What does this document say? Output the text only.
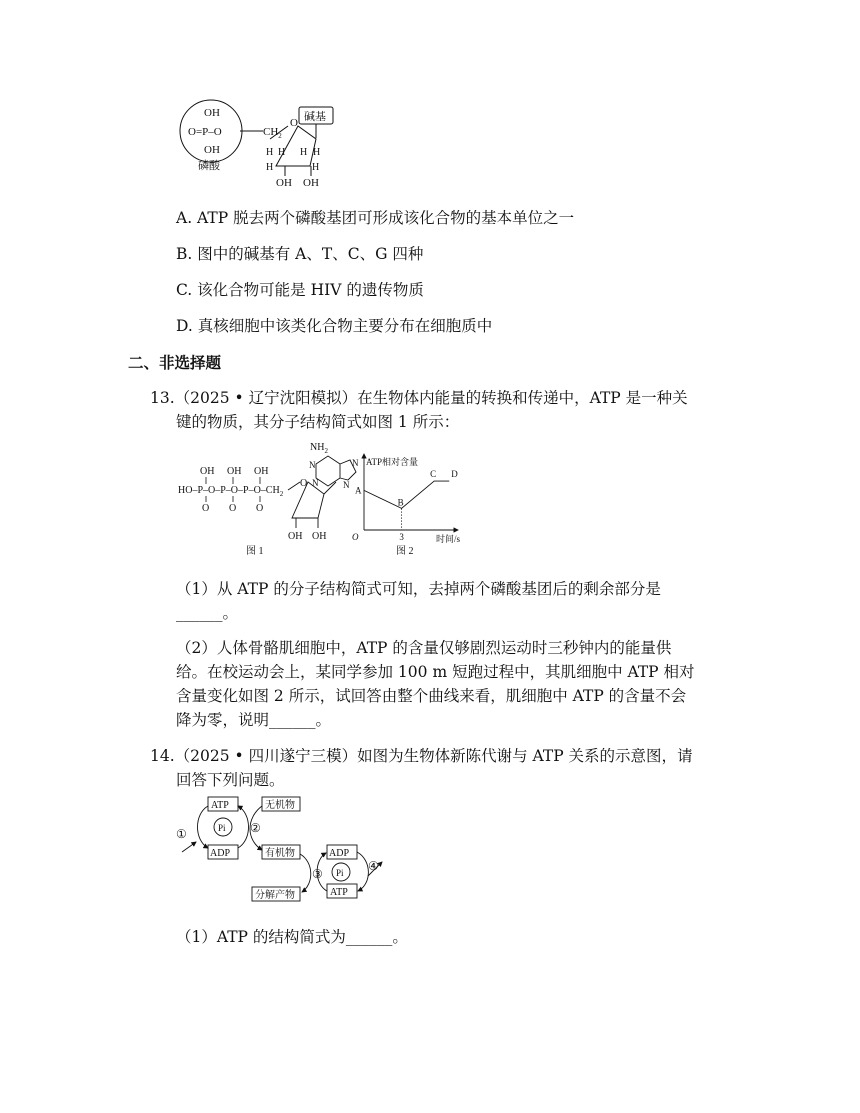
OH
O=P–O
OH
磷酸
$CH_2$
O 碱基
H H H H
H	H
OH OH
A. ATP 脱去两个磷酸基团可形成该化合物的基本单位之一
B. 图中的碱基有 A、T、C、G 四种
C. 该化合物可能是 HIV 的遗传物质
D. 真核细胞中该类化合物主要分布在细胞质中
二、非选择题
13.（2025 • 辽宁沈阳模拟）在生物体内能量的转换和传递中，ATP 是一种关
键的物质，其分子结构简式如图 1 所示：
OH OH OH
$HO-P-O-P-O-P-O-CH_2$
O O O
O
OH OH
$NH_2$
N
N
N
N
图 1
ATP相对含量
时间/s
O	3
A
B
C D
图 2
（1）从 ATP 的分子结构简式可知，去掉两个磷酸基团后的剩余部分是
______。
（2）人体骨骼肌细胞中，ATP 的含量仅够剧烈运动时三秒钟内的能量供
给。在校运动会上，某同学参加 100 m 短跑过程中，其肌细胞中 ATP 相对
含量变化如图 2 所示，试回答由整个曲线来看，肌细胞中 ATP 的含量不会
降为零，说明______。
14.（2025 • 四川遂宁三模）如图为生物体新陈代谢与 ATP 关系的示意图，请
回答下列问题。
ATP	无机物
Pi
①	②
ADP	有机物	ADP
Pi
③
④
ATP
分解产物
（1）ATP 的结构简式为______。
